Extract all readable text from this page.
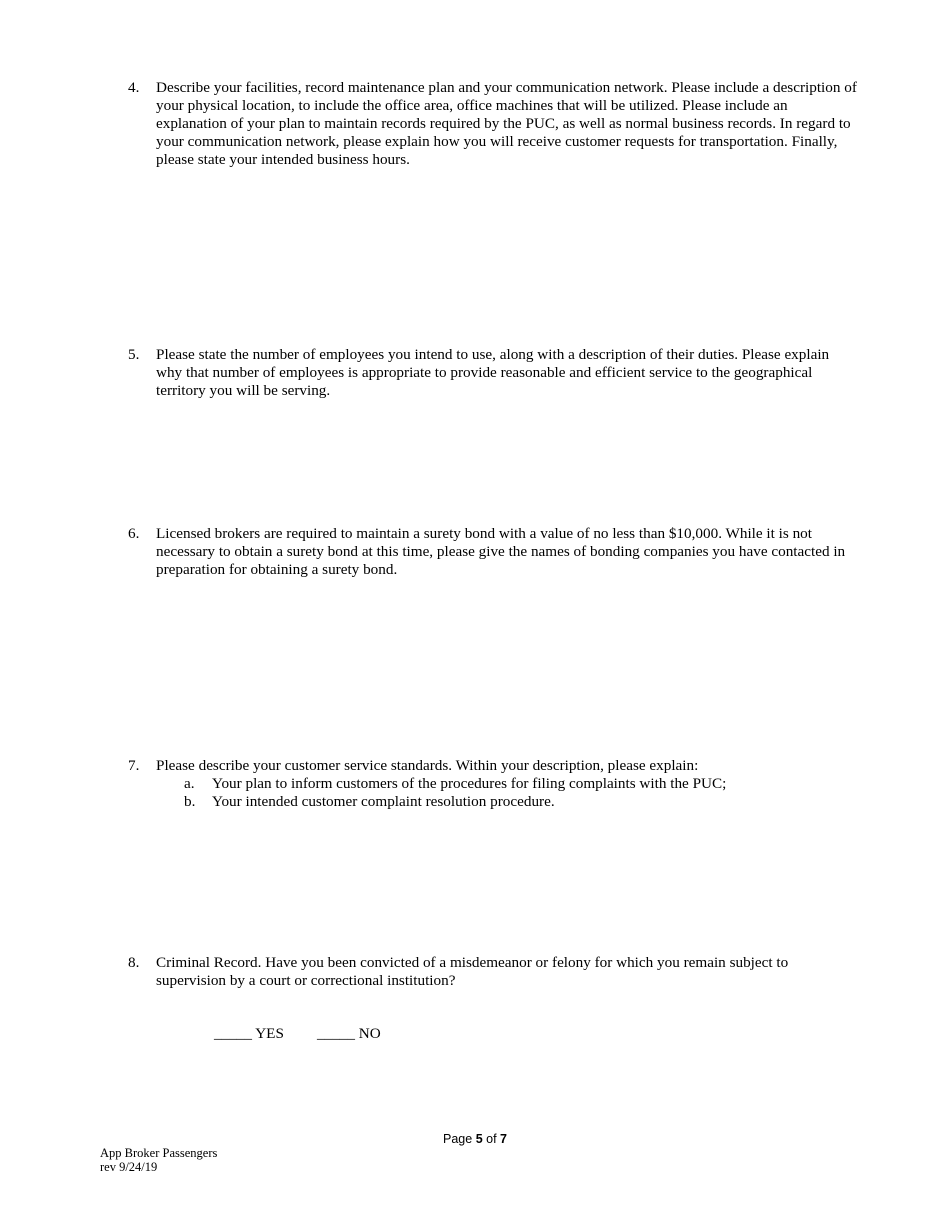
4. Describe your facilities, record maintenance plan and your communication network. Please include a description of your physical location, to include the office area, office machines that will be utilized. Please include an explanation of your plan to maintain records required by the PUC, as well as normal business records. In regard to your communication network, please explain how you will receive customer requests for transportation. Finally, please state your intended business hours.
5. Please state the number of employees you intend to use, along with a description of their duties. Please explain why that number of employees is appropriate to provide reasonable and efficient service to the geographical territory you will be serving.
6. Licensed brokers are required to maintain a surety bond with a value of no less than $10,000. While it is not necessary to obtain a surety bond at this time, please give the names of bonding companies you have contacted in preparation for obtaining a surety bond.
7. Please describe your customer service standards. Within your description, please explain:
a. Your plan to inform customers of the procedures for filing complaints with the PUC;
b. Your intended customer complaint resolution procedure.
8. Criminal Record. Have you been convicted of a misdemeanor or felony for which you remain subject to supervision by a court or correctional institution?
_____ YES _____ NO
Page 5 of 7
App Broker Passengers
rev 9/24/19
